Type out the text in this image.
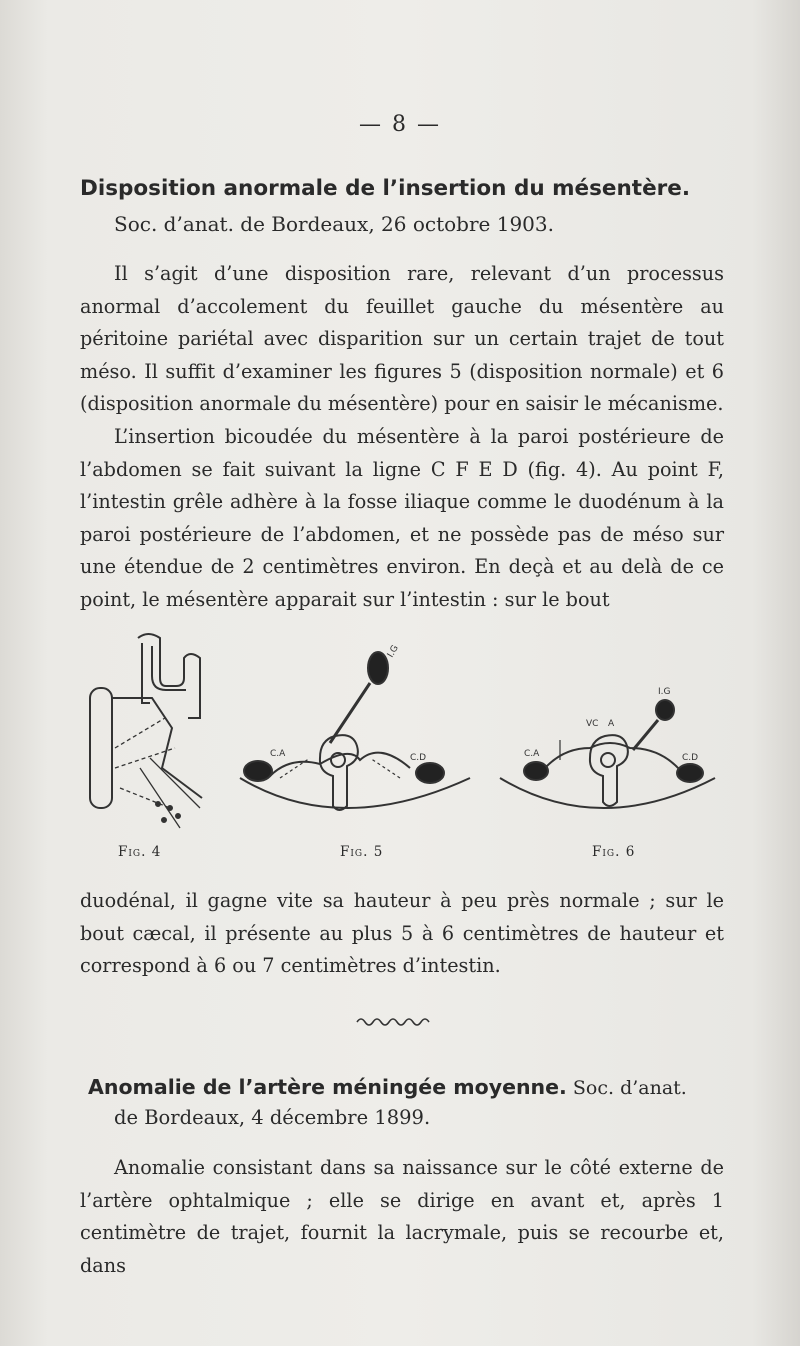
— 8 —
Disposition anormale de l’insertion du mésentère.
Soc. d’anat. de Bordeaux, 26 octobre 1903.
Il s’agit d’une disposition rare, relevant d’un processus anormal d’accolement du feuillet gauche du mésentère au péritoine pariétal avec disparition sur un certain trajet de tout méso. Il suffit d’examiner les figures 5 (disposition normale) et 6 (disposition anormale du mésentère) pour en saisir le mécanisme.
L’insertion bicoudée du mésentère à la paroi postérieure de l’abdomen se fait suivant la ligne C F E D (fig. 4). Au point F, l’intestin grêle adhère à la fosse iliaque comme le duodénum à la paroi postérieure de l’abdomen, et ne possède pas de méso sur une étendue de 2 centimètres environ. En deçà et au delà de ce point, le mésentère apparait sur l’intestin : sur le bout
C.A	C.D
I.G
C.A	C.D
I.G
VC A
Fig. 4	Fig. 5	Fig. 6
duodénal, il gagne vite sa hauteur à peu près normale ; sur le bout cæcal, il présente au plus 5 à 6 centimètres de hauteur et correspond à 6 ou 7 centimètres d’intestin.
Anomalie de l’artère méningée moyenne. Soc. d’anat.
de Bordeaux, 4 décembre 1899.
Anomalie consistant dans sa naissance sur le côté externe de l’artère ophtalmique ; elle se dirige en avant et, après 1 centimètre de trajet, fournit la lacrymale, puis se recourbe et, dans
